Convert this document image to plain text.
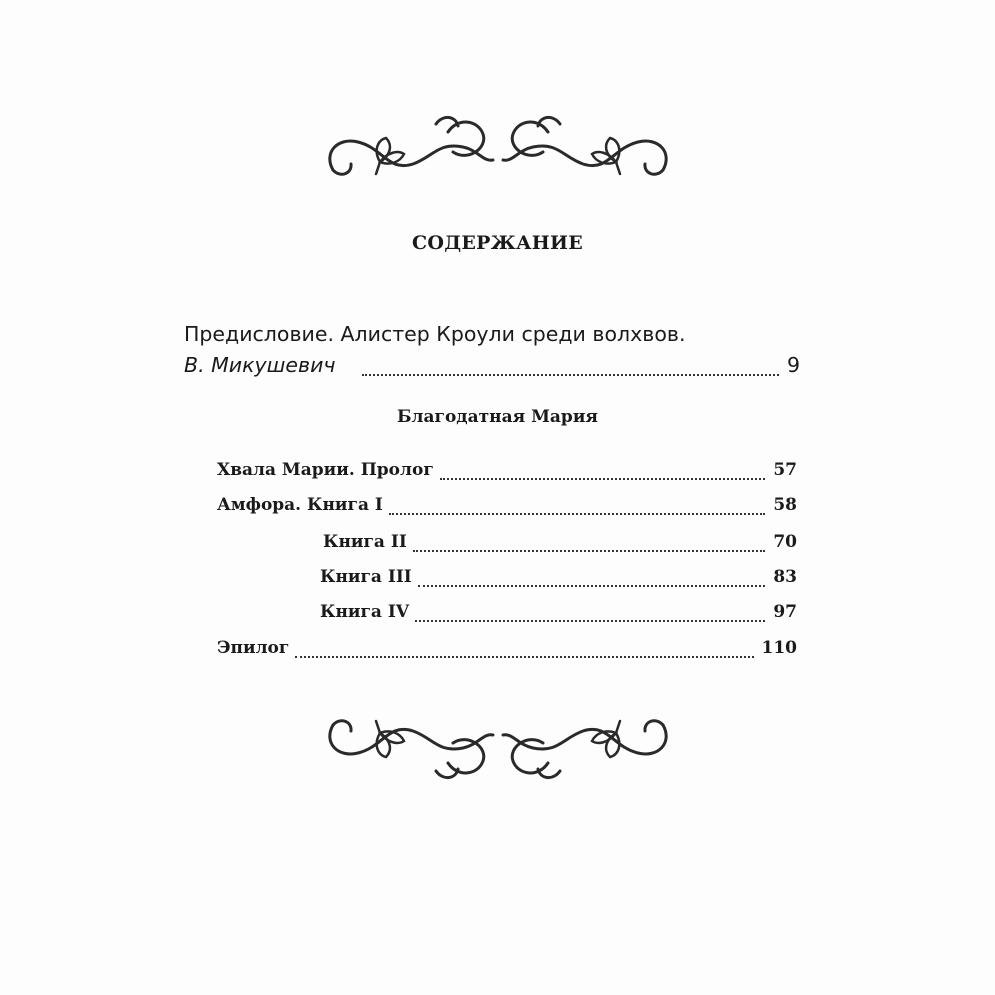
СОДЕРЖАНИЕ
Предисловие. Алистер Кроули среди волхвов.
В. Микушевич	9
Благодатная Мария
Хвала Марии. Пролог	57
Амфора. Книга I	58
Книга II	70
Книга III	83
Книга IV	97
Эпилог	110
